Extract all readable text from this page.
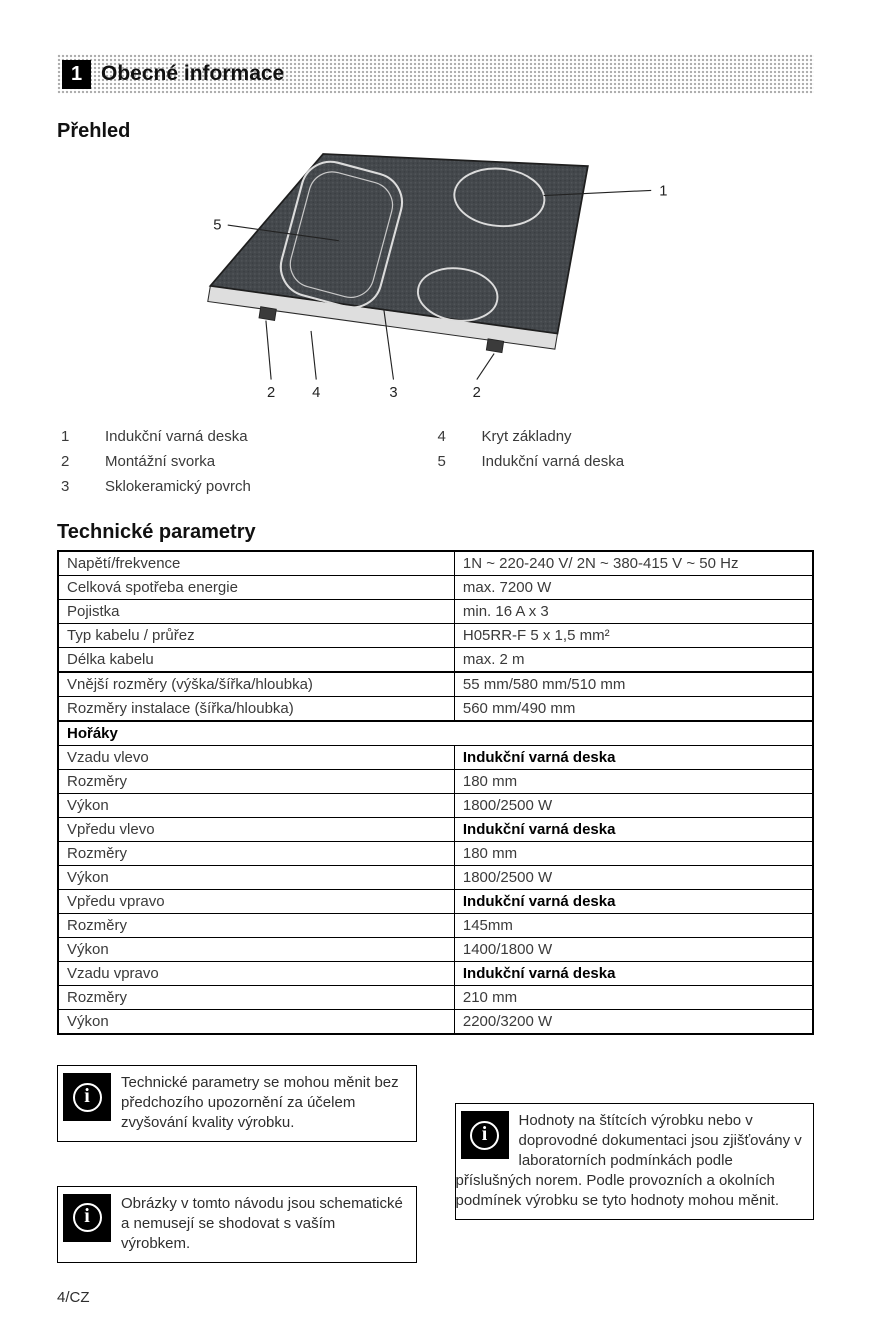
1 Obecné informace
Přehled
1
5
2 4	3	2
1	Indukční varná deska
2	Montážní svorka
3	Sklokeramický povrch
4	Kryt základny
5	Indukční varná deska
Technické parametry
Napětí/frekvence	1N ~ 220-240 V/ 2N ~ 380-415 V ~ 50 Hz
Celková spotřeba energie	max. 7200 W
Pojistka	min. 16 A x 3
Typ kabelu / průřez	H05RR-F 5 x 1,5 mm²
Délka kabelu	max. 2 m
Vnější rozměry (výška/šířka/hloubka)	55 mm/580 mm/510 mm
Rozměry instalace (šířka/hloubka)	560 mm/490 mm
Hořáky	
Vzadu vlevo	Indukční varná deska
Rozměry	180 mm
Výkon	1800/2500 W
Vpředu vlevo	Indukční varná deska
Rozměry	180 mm
Výkon	1800/2500 W
Vpředu vpravo	Indukční varná deska
Rozměry	145mm
Výkon	1400/1800 W
Vzadu vpravo	Indukční varná deska
Rozměry	210 mm
Výkon	2200/3200 W
i

Technické parametry se mohou měnit bez předchozího upozornění za účelem zvyšování kvality výrobku.

i

Obrázky v tomto návodu jsou schematické a nemusejí se shodovat s vaším výrobkem.

i

Hodnoty na štítcích výrobku nebo v doprovodné dokumentaci jsou zjišťovány v laboratorních podmínkách podle příslušných norem. Podle provozních a okolních podmínek výrobku se tyto hodnoty mohou měnit.

4/CZ
